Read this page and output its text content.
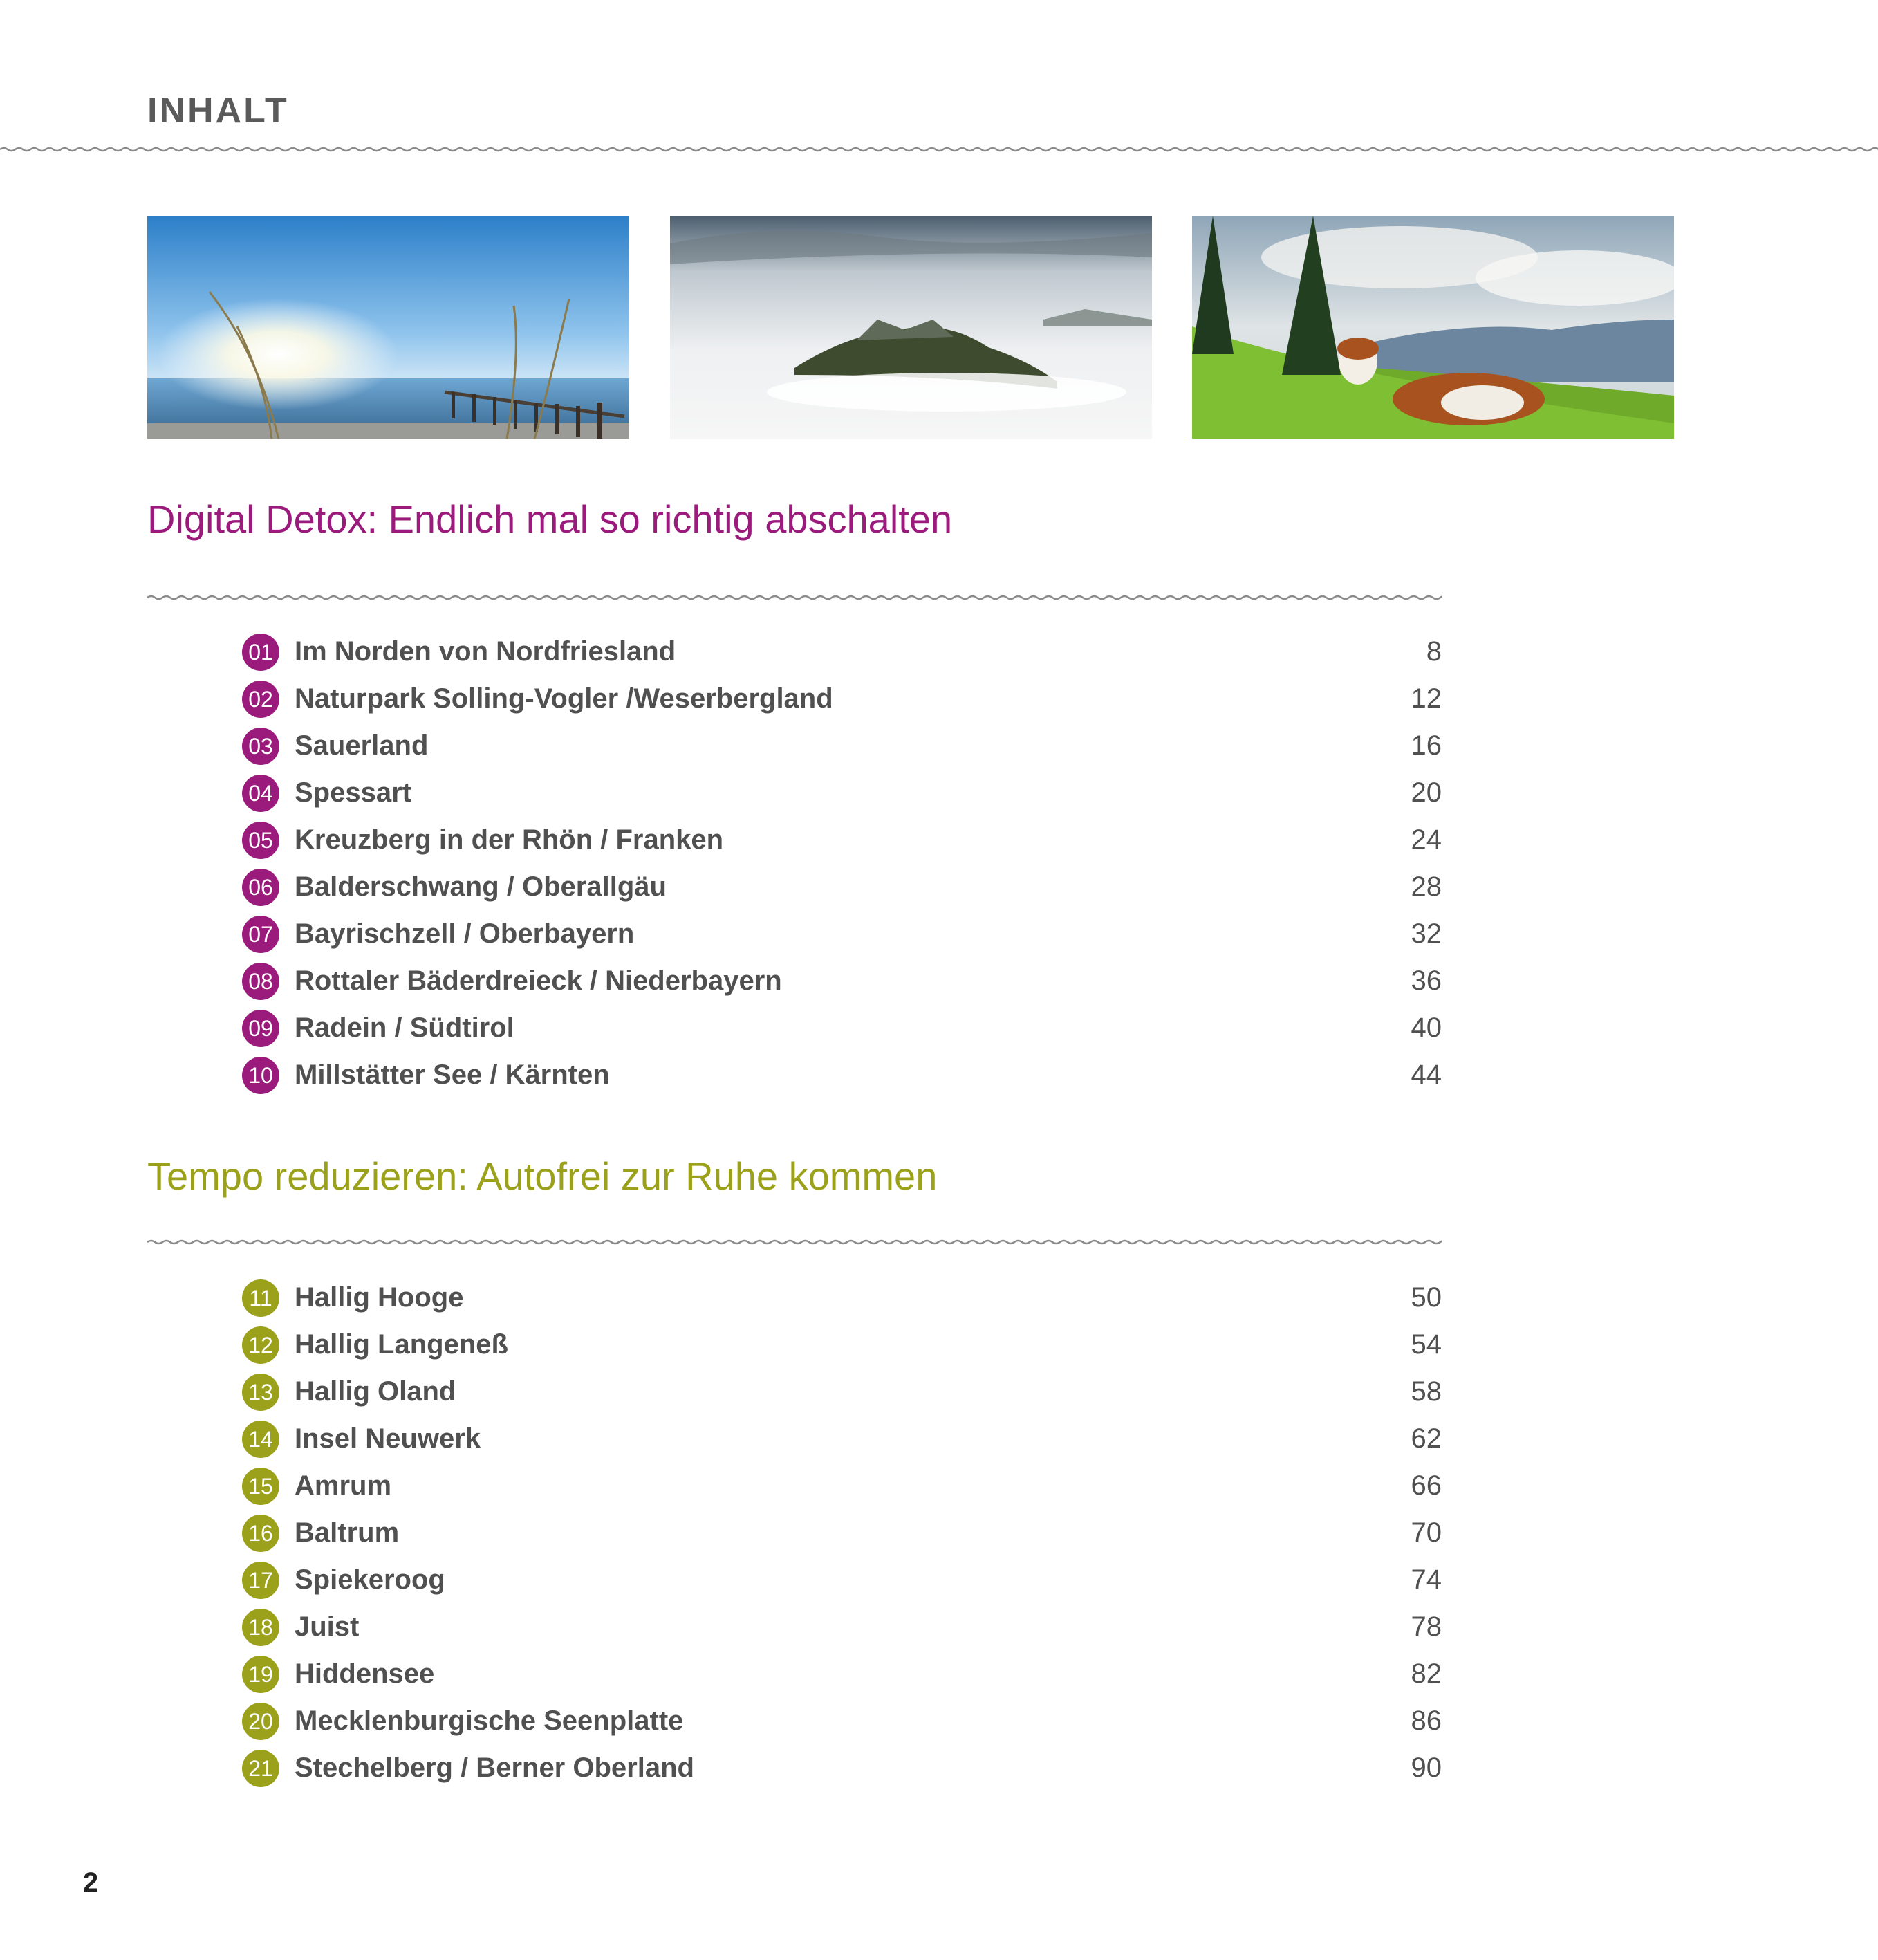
INHALT
Digital Detox: Endlich mal so richtig abschalten
01 Im Norden von Nordfriesland	8
02 Naturpark Solling-Vogler /Weserbergland	12
03 Sauerland	16
04 Spessart	20
05 Kreuzberg in der Rhön / Franken	24
06 Balderschwang / Oberallgäu	28
07 Bayrischzell / Oberbayern	32
08 Rottaler Bäderdreieck / Niederbayern	36
09 Radein / Südtirol	40
10 Millstätter See / Kärnten	44
Tempo reduzieren: Autofrei zur Ruhe kommen
11 Hallig Hooge	50
12 Hallig Langeneß	54
13 Hallig Oland	58
14 Insel Neuwerk	62
15 Amrum	66
16 Baltrum	70
17 Spiekeroog	74
18 Juist	78
19 Hiddensee	82
20 Mecklenburgische Seenplatte	86
21 Stechelberg / Berner Oberland	90
2
